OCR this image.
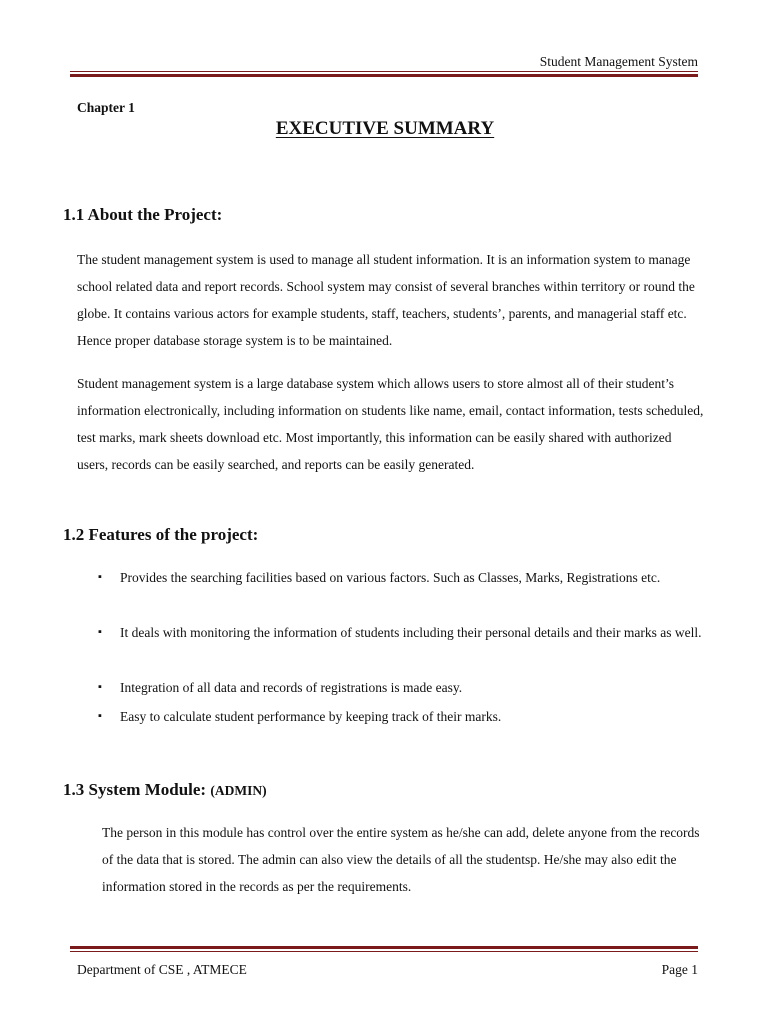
Student Management System
Chapter 1
EXECUTIVE SUMMARY
1.1 About the Project:
The student management system is used to manage all student information. It is an information system to manage school related data and report records. School system may consist of several branches within territory or round the globe. It contains various actors for example students, staff, teachers, students’, parents, and managerial staff etc. Hence proper database storage system is to be maintained.
Student management system is a large database system which allows users to store almost all of their student’s information electronically, including information on students like name, email, contact information, tests scheduled, test marks, mark sheets download etc. Most importantly, this information can be easily shared with authorized users, records can be easily searched, and reports can be easily generated.
1.2 Features of the project:
▪ Provides the searching facilities based on various factors. Such as Classes, Marks, Registrations etc.
▪ It deals with monitoring the information of students including their personal details and their marks as well.
▪ Integration of all data and records of registrations is made easy.
▪ Easy to calculate student performance by keeping track of their marks.
1.3 System Module: (ADMIN)
The person in this module has control over the entire system as he/she can add, delete anyone from the records of the data that is stored. The admin can also view the details of all the studentsp. He/she may also edit the information stored in the records as per the requirements.
Department of CSE , ATMECE	Page 1
